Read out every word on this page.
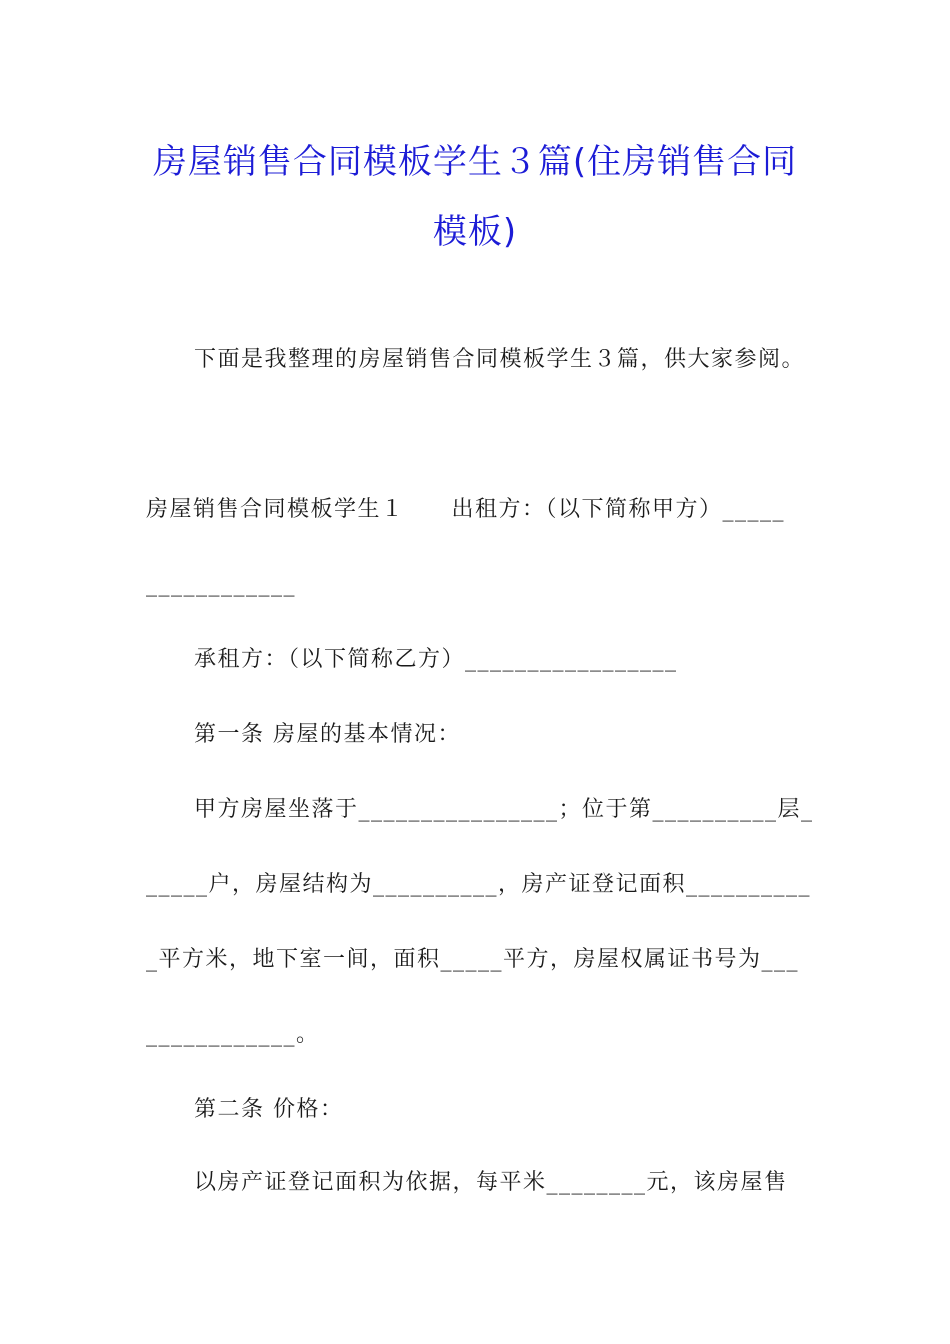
房屋销售合同模板学生３篇(住房销售合同
模板)
下面是我整理的房屋销售合同模板学生３篇，供大家参阅。
房屋销售合同模板学生１　　出租方：（以下简称甲方）_____
____________
承租方：（以下简称乙方）_________________
第一条 房屋的基本情况：
甲方房屋坐落于________________；位于第__________层_
_____户，房屋结构为__________，房产证登记面积__________
_平方米，地下室一间，面积_____平方，房屋权属证书号为___
____________。
第二条 价格：
以房产证登记面积为依据，每平米________元，该房屋售
